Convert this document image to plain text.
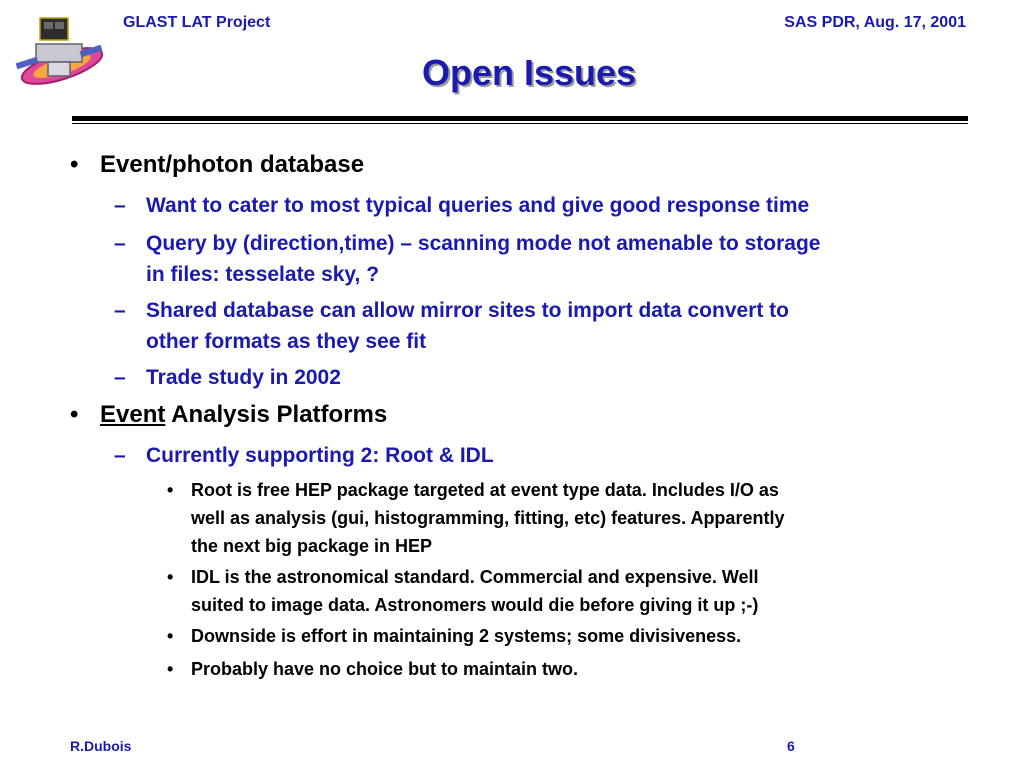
GLAST LAT Project	SAS PDR, Aug. 17, 2001
Open Issues
• Event/photon database
– Want to cater to most typical queries and give good response time
– Query by (direction,time) – scanning mode not amenable to storage
in files: tesselate sky, ?
– Shared database can allow mirror sites to import data convert to
other formats as they see fit
– Trade study in 2002
• Event Analysis Platforms
– Currently supporting 2: Root & IDL
• Root is free HEP package targeted at event type data. Includes I/O as
well as analysis (gui, histogramming, fitting, etc) features. Apparently
the next big package in HEP
• IDL is the astronomical standard. Commercial and expensive. Well
suited to image data. Astronomers would die before giving it up ;-)
• Downside is effort in maintaining 2 systems; some divisiveness.
• Probably have no choice but to maintain two.
R.Dubois	6
